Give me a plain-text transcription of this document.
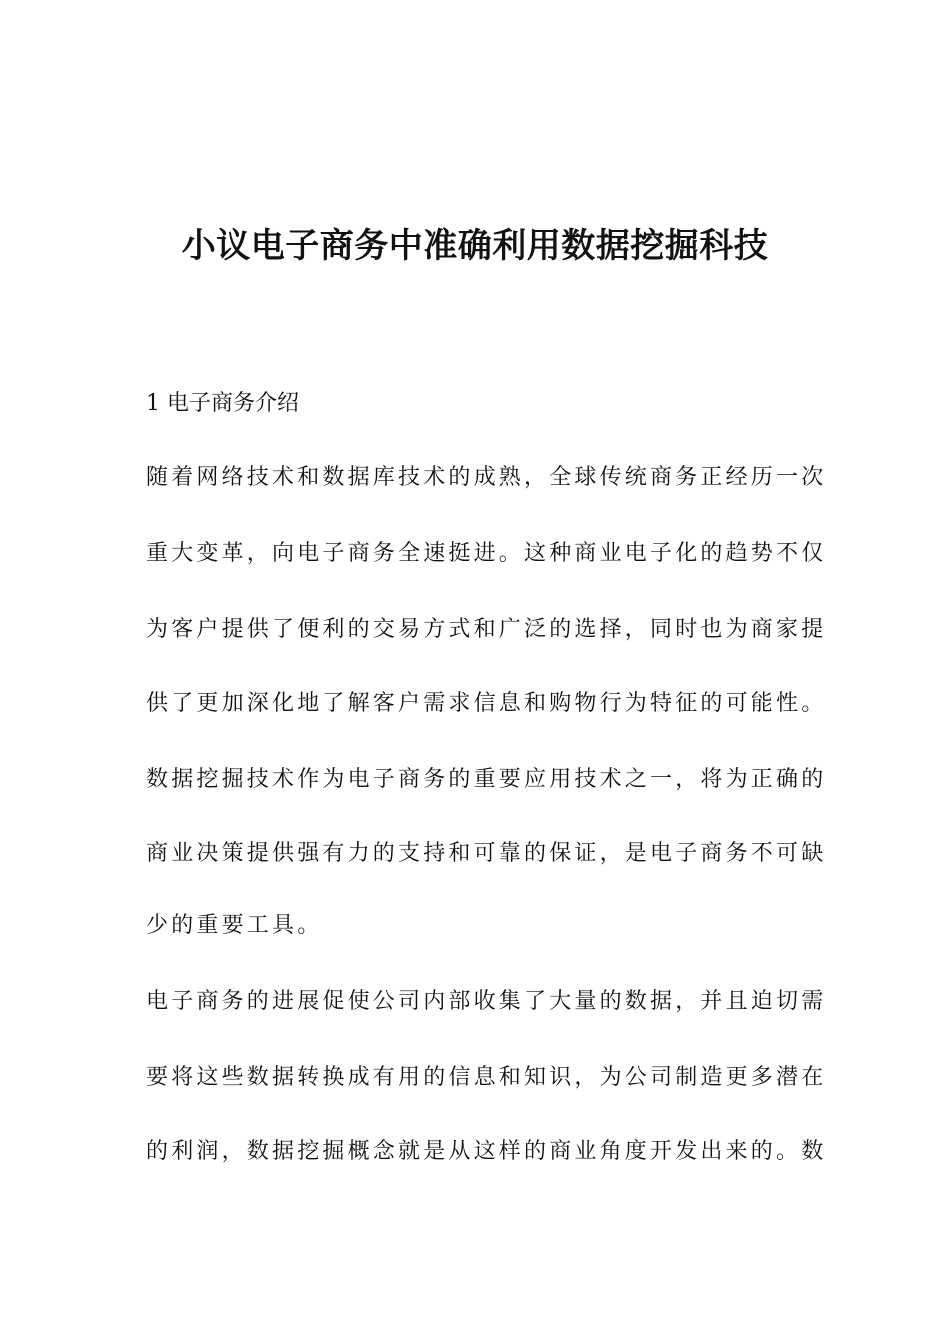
小议电子商务中准确利用数据挖掘科技

1 电子商务介绍

随着网络技术和数据库技术的成熟，全球传统商务正经历一次

重大变革，向电子商务全速挺进。这种商业电子化的趋势不仅

为客户提供了便利的交易方式和广泛的选择，同时也为商家提

供了更加深化地了解客户需求信息和购物行为特征的可能性。

数据挖掘技术作为电子商务的重要应用技术之一，将为正确的

商业决策提供强有力的支持和可靠的保证，是电子商务不可缺

少的重要工具。

电子商务的进展促使公司内部收集了大量的数据，并且迫切需

要将这些数据转换成有用的信息和知识，为公司制造更多潜在

的利润，数据挖掘概念就是从这样的商业角度开发出来的。数
